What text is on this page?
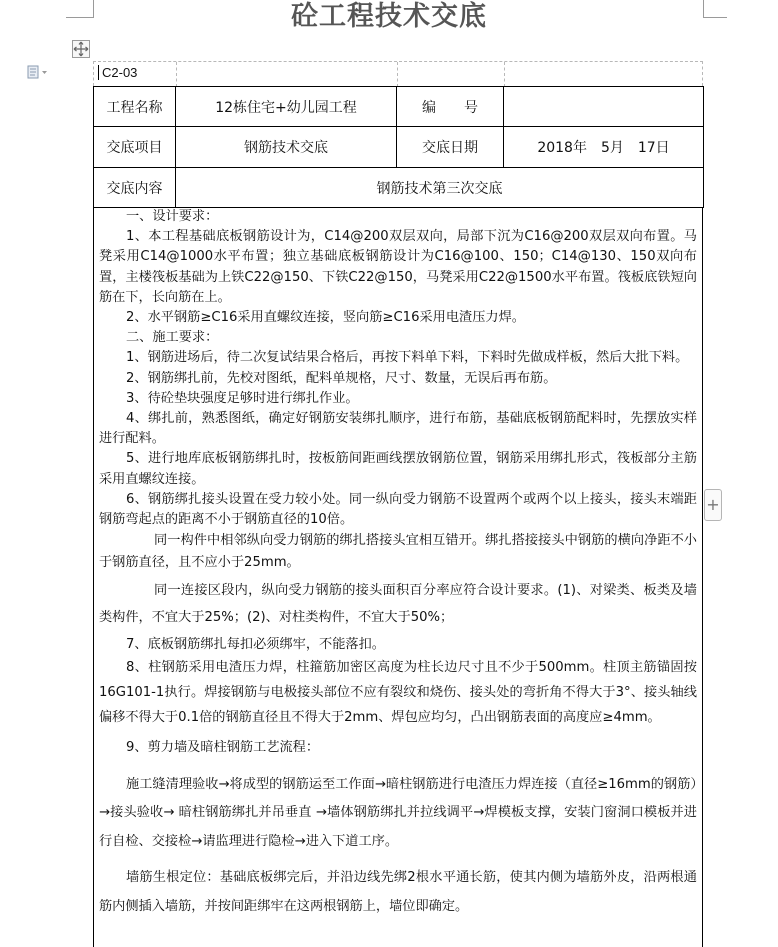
砼工程技术交底
+
C2-03
工程名称	12栋住宅+幼儿园工程	编　　号	
交底项目	钢筋技术交底	交底日期	2018年　5月　17日
交底内容	钢筋技术第三次交底		

一、设计要求：

1、本工程基础底板钢筋设计为，C14@200双层双向，局部下沉为C16@200双层双向布置。马凳采用C14@1000水平布置；独立基础底板钢筋设计为C16@100、150；C14@130、150双向布置，主楼筏板基础为上铁C22@150、下铁C22@150，马凳采用C22@1500水平布置。筏板底铁短向筋在下，长向筋在上。

2、水平钢筋≥C16采用直螺纹连接，竖向筋≥C16采用电渣压力焊。

二、施工要求：

1、钢筋进场后，待二次复试结果合格后，再按下料单下料，下料时先做成样板，然后大批下料。

2、钢筋绑扎前，先校对图纸，配料单规格，尺寸、数量，无误后再布筋。

3、待砼垫块强度足够时进行绑扎作业。

4、绑扎前，熟悉图纸，确定好钢筋安装绑扎顺序，进行布筋，基础底板钢筋配料时，先摆放实样进行配料。

5、进行地库底板钢筋绑扎时，按板筋间距画线摆放钢筋位置，钢筋采用绑扎形式，筏板部分主筋采用直螺纹连接。

6、钢筋绑扎接头设置在受力较小处。同一纵向受力钢筋不设置两个或两个以上接头，接头末端距钢筋弯起点的距离不小于钢筋直径的10倍。

同一构件中相邻纵向受力钢筋的绑扎搭接头宜相互错开。绑扎搭接接头中钢筋的横向净距不小于钢筋直径，且不应小于25mm。

同一连接区段内，纵向受力钢筋的接头面积百分率应符合设计要求。(1)、对梁类、板类及墙类构件，不宜大于25%；(2)、对柱类构件，不宜大于50%；

7、底板钢筋绑扎每扣必须绑牢，不能落扣。

8、柱钢筋采用电渣压力焊，柱箍筋加密区高度为柱长边尺寸且不少于500mm。柱顶主筋锚固按16G101-1执行。焊接钢筋与电极接头部位不应有裂纹和烧伤、接头处的弯折角不得大于3°、接头轴线偏移不得大于0.1倍的钢筋直径且不得大于2mm、焊包应均匀，凸出钢筋表面的高度应≥4mm。

9、剪力墙及暗柱钢筋工艺流程：

施工缝清理验收→将成型的钢筋运至工作面→暗柱钢筋进行电渣压力焊连接（直径≥16mm的钢筋）→接头验收→ 暗柱钢筋绑扎并吊垂直 →墙体钢筋绑扎并拉线调平→焊模板支撑，安装门窗洞口模板并进行自检、交接检→请监理进行隐检→进入下道工序。

墙筋生根定位：基础底板绑完后，并沿边线先绑2根水平通长筋，使其内侧为墙筋外皮，沿两根通筋内侧插入墙筋，并按间距绑牢在这两根钢筋上，墙位即确定。
